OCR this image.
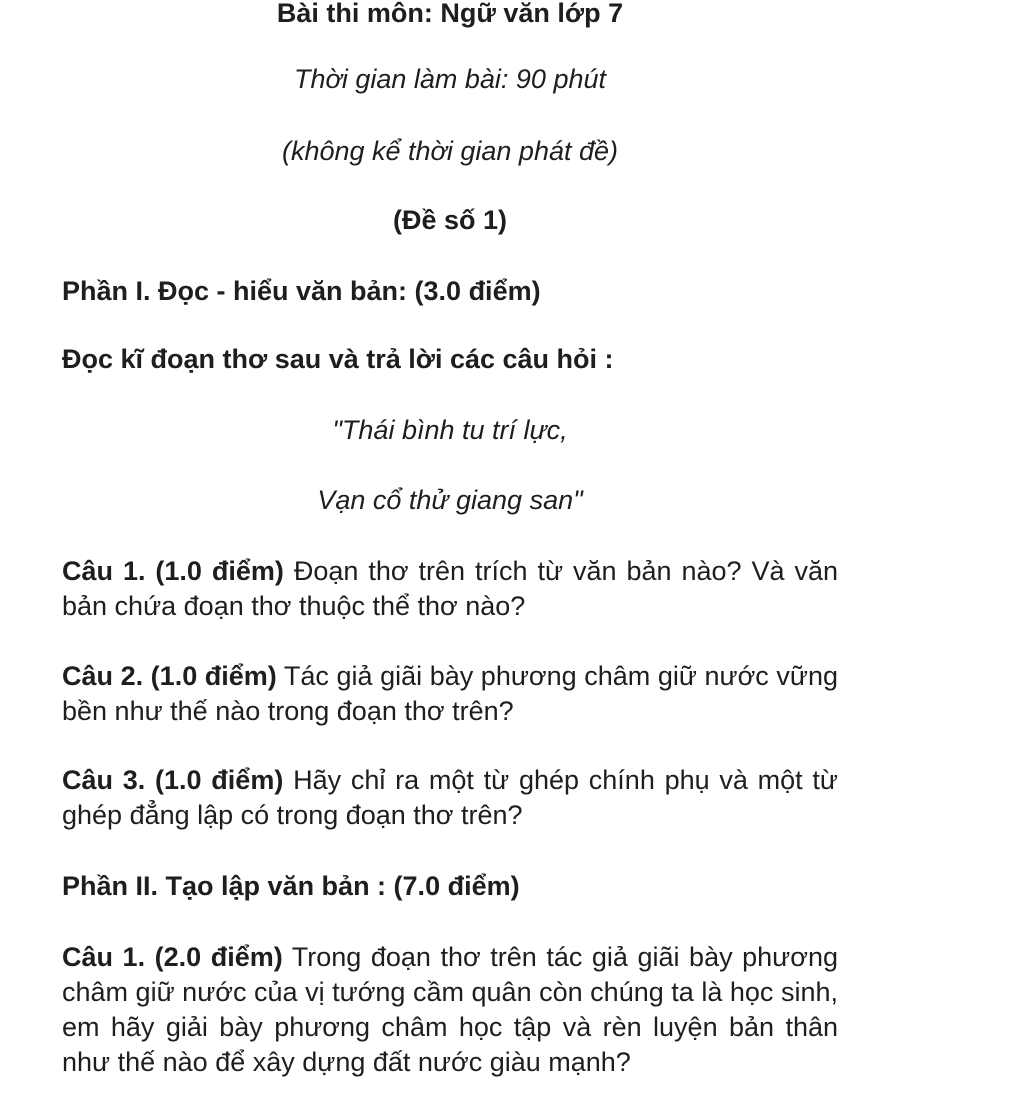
Bài thi môn: Ngữ văn lớp 7

Thời gian làm bài: 90 phút

(không kể thời gian phát đề)

(Đề số 1)

Phần I. Đọc - hiểu văn bản: (3.0 điểm)

Đọc kĩ đoạn thơ sau và trả lời các câu hỏi :

"Thái bình tu trí lực,

Vạn cổ thử giang san"

Câu 1. (1.0 điểm) Đoạn thơ trên trích từ văn bản nào? Và văn bản chứa đoạn thơ thuộc thể thơ nào?

Câu 2. (1.0 điểm) Tác giả giãi bày phương châm giữ nước vững bền như thế nào trong đoạn thơ trên?

Câu 3. (1.0 điểm) Hãy chỉ ra một từ ghép chính phụ và một từ ghép đẳng lập có trong đoạn thơ trên?

Phần II. Tạo lập văn bản : (7.0 điểm)

Câu 1. (2.0 điểm) Trong đoạn thơ trên tác giả giãi bày phương châm giữ nước của vị tướng cầm quân còn chúng ta là học sinh, em hãy giải bày phương châm học tập và rèn luyện bản thân như thế nào để xây dựng đất nước giàu mạnh?
